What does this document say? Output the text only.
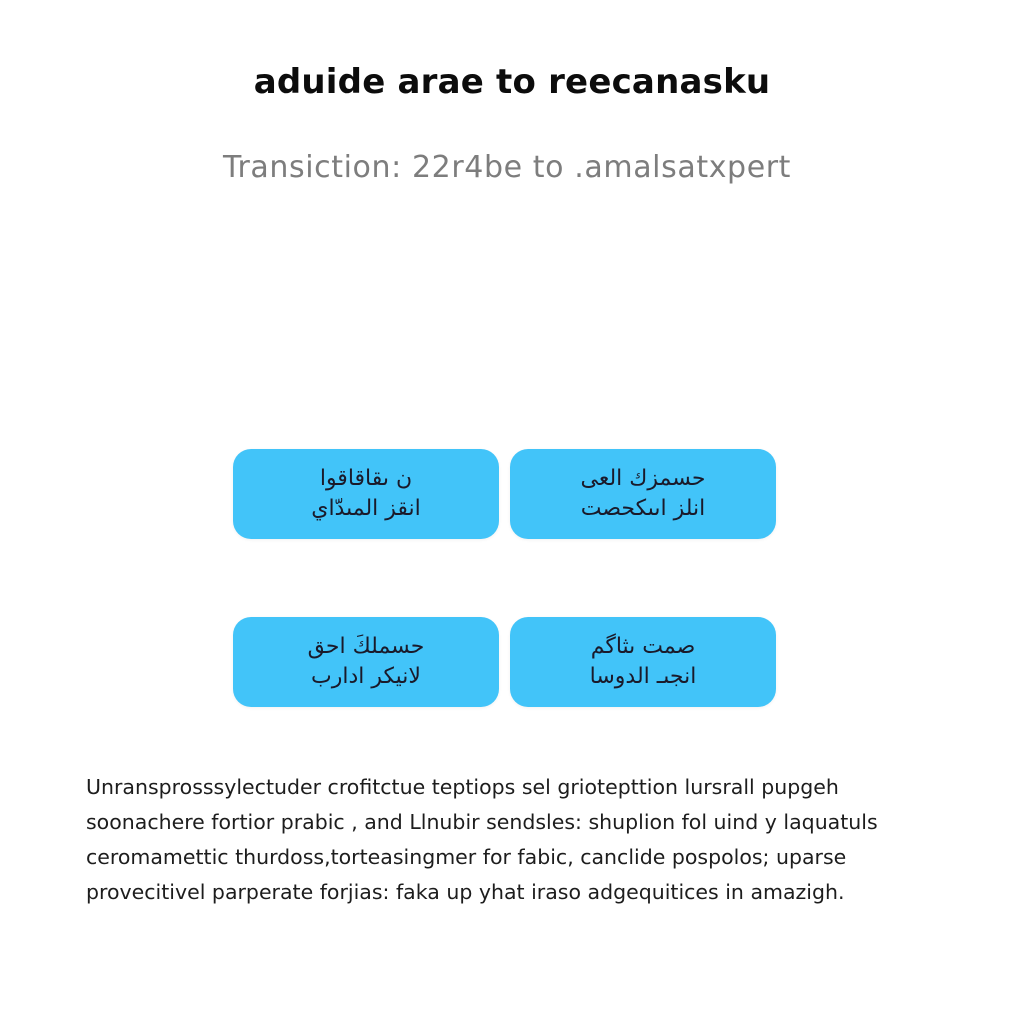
aduide arae to reecanasku
Transiction: 22r4be to .amalsatxpert
ن ىقاقاقوا
انقز المىدّاي
حسمزك العى
انلز اىىكحصت
حسملكَ احق
لانيكر ادارب
صمت ىثاگم
انجىـ الدوسا
Unranspross​sylectuder crofitctue teptiops sel griotepttion lursrall pupgeh
soonachere fortior prabic , and Llnubir sendsles: shuplion fol uind y laquatuls
ceromamettic thurdoss,torteasingmer for fabic, canclide pospolos; uparse
provecitivel parperate forjias: faka up yhat iraso adgequitices in amazigh.
